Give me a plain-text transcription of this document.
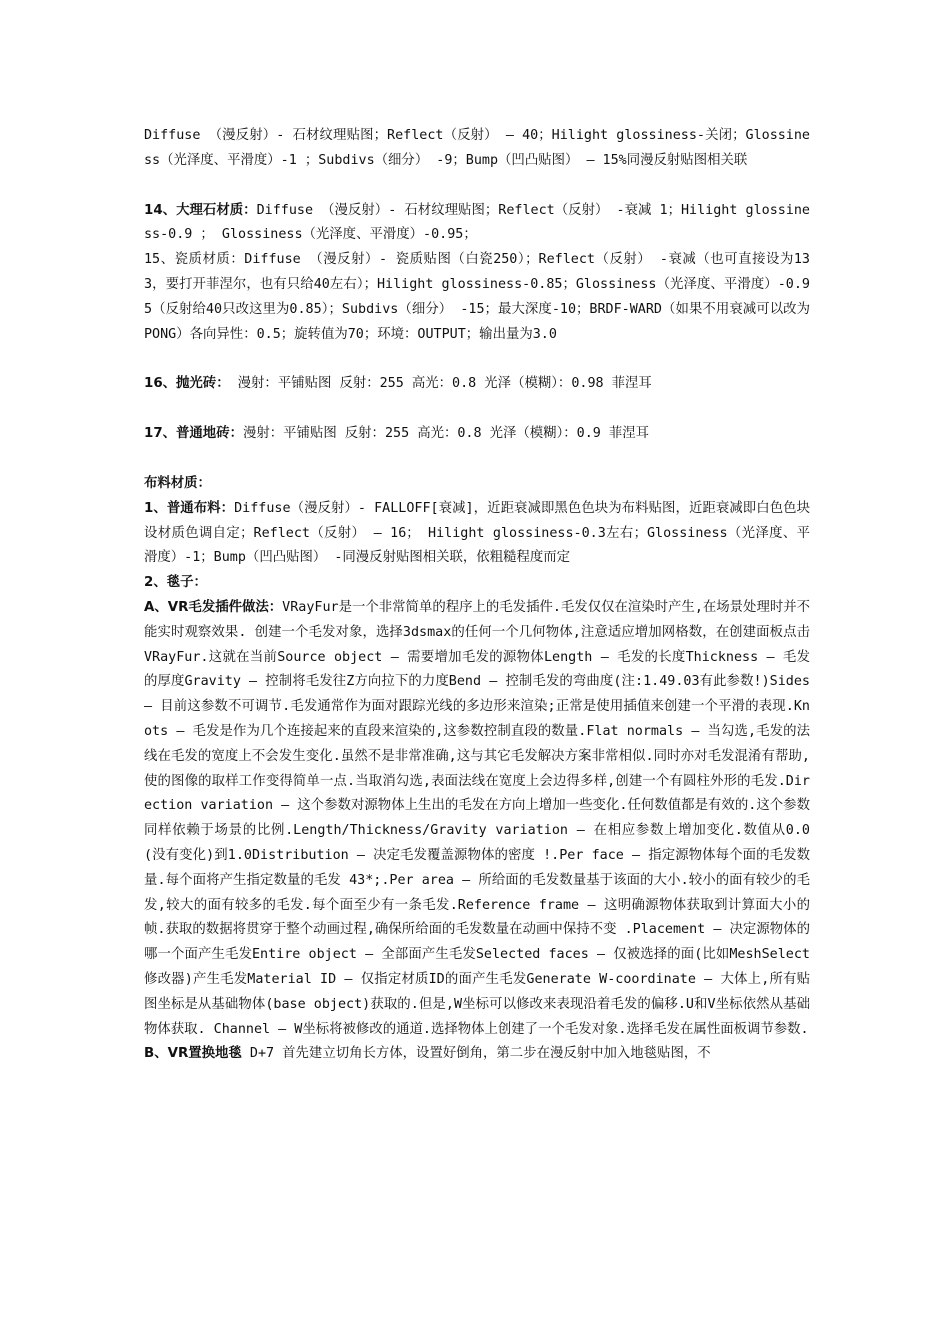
Diffuse （漫反射）- 石材纹理贴图；Reflect（反射） – 40；Hilight glossiness-关闭；Glossiness（光泽度、平滑度）-1 ；Subdivs（细分） -9；Bump（凹凸贴图） – 15%同漫反射贴图相关联

14、大理石材质：Diffuse （漫反射）- 石材纹理贴图；Reflect（反射） -衰减 1；Hilight glossiness-0.9 ； Glossiness（光泽度、平滑度）-0.95；

15、瓷质材质：Diffuse （漫反射）- 瓷质贴图（白瓷250）；Reflect（反射） -衰减（也可直接设为133，要打开菲涅尔，也有只给40左右）；Hilight glossiness-0.85；Glossiness（光泽度、平滑度）-0.95（反射给40只改这里为0.85）；Subdivs（细分） -15；最大深度-10；BRDF-WARD（如果不用衰减可以改为PONG）各向异性：0.5；旋转值为70；环境：OUTPUT；输出量为3.0

16、抛光砖： 漫射：平铺贴图 反射：255 高光：0.8 光泽（模糊）：0.98 菲涅耳

17、普通地砖：漫射：平铺贴图 反射：255 高光：0.8 光泽（模糊）：0.9 菲涅耳

布料材质：

1、普通布料：Diffuse（漫反射）- FALLOFF[衰减]，近距衰减即黑色色块为布料贴图，近距衰减即白色色块设材质色调自定；Reflect（反射） – 16； Hilight glossiness-0.3左右；Glossiness（光泽度、平滑度）-1；Bump（凹凸贴图） -同漫反射贴图相关联，依粗糙程度而定

2、毯子：

A、VR毛发插件做法：VRayFur是一个非常简单的程序上的毛发插件.毛发仅仅在渲染时产生,在场景处理时并不能实时观察效果. 创建一个毛发对象，选择3dsmax的任何一个几何物体,注意适应增加网格数，在创建面板点击VRayFur.这就在当前Source object – 需要增加毛发的源物体Length – 毛发的长度Thickness – 毛发的厚度Gravity – 控制将毛发往Z方向拉下的力度Bend – 控制毛发的弯曲度(注:1.49.03有此参数!)Sides – 目前这参数不可调节.毛发通常作为面对跟踪光线的多边形来渲染;正常是使用插值来创建一个平滑的表现.Knots – 毛发是作为几个连接起来的直段来渲染的,这参数控制直段的数量.Flat normals – 当勾选,毛发的法线在毛发的宽度上不会发生变化.虽然不是非常准确,这与其它毛发解决方案非常相似.同时亦对毛发混淆有帮助,使的图像的取样工作变得简单一点.当取消勾选,表面法线在宽度上会边得多样,创建一个有圆柱外形的毛发.Direction variation – 这个参数对源物体上生出的毛发在方向上增加一些变化.任何数值都是有效的.这个参数同样依赖于场景的比例.Length/Thickness/Gravity variation – 在相应参数上增加变化.数值从0.0(没有变化)到1.0Distribution – 决定毛发覆盖源物体的密度 !.Per face – 指定源物体每个面的毛发数量.每个面将产生指定数量的毛发 43*;.Per area – 所给面的毛发数量基于该面的大小.较小的面有较少的毛发,较大的面有较多的毛发.每个面至少有一条毛发.Reference frame – 这明确源物体获取到计算面大小的帧.获取的数据将贯穿于整个动画过程,确保所给面的毛发数量在动画中保持不变 .Placement – 决定源物体的哪一个面产生毛发Entire object – 全部面产生毛发Selected faces – 仅被选择的面(比如MeshSelect修改器)产生毛发Material ID – 仅指定材质ID的面产生毛发Generate W-coordinate – 大体上,所有贴图坐标是从基础物体(base object)获取的.但是,W坐标可以修改来表现沿着毛发的偏移.U和V坐标依然从基础物体获取. Channel – W坐标将被修改的通道.选择物体上创建了一个毛发对象.选择毛发在属性面板调节参数.

B、VR置换地毯 D+7 首先建立切角长方体，设置好倒角，第二步在漫反射中加入地毯贴图，不
